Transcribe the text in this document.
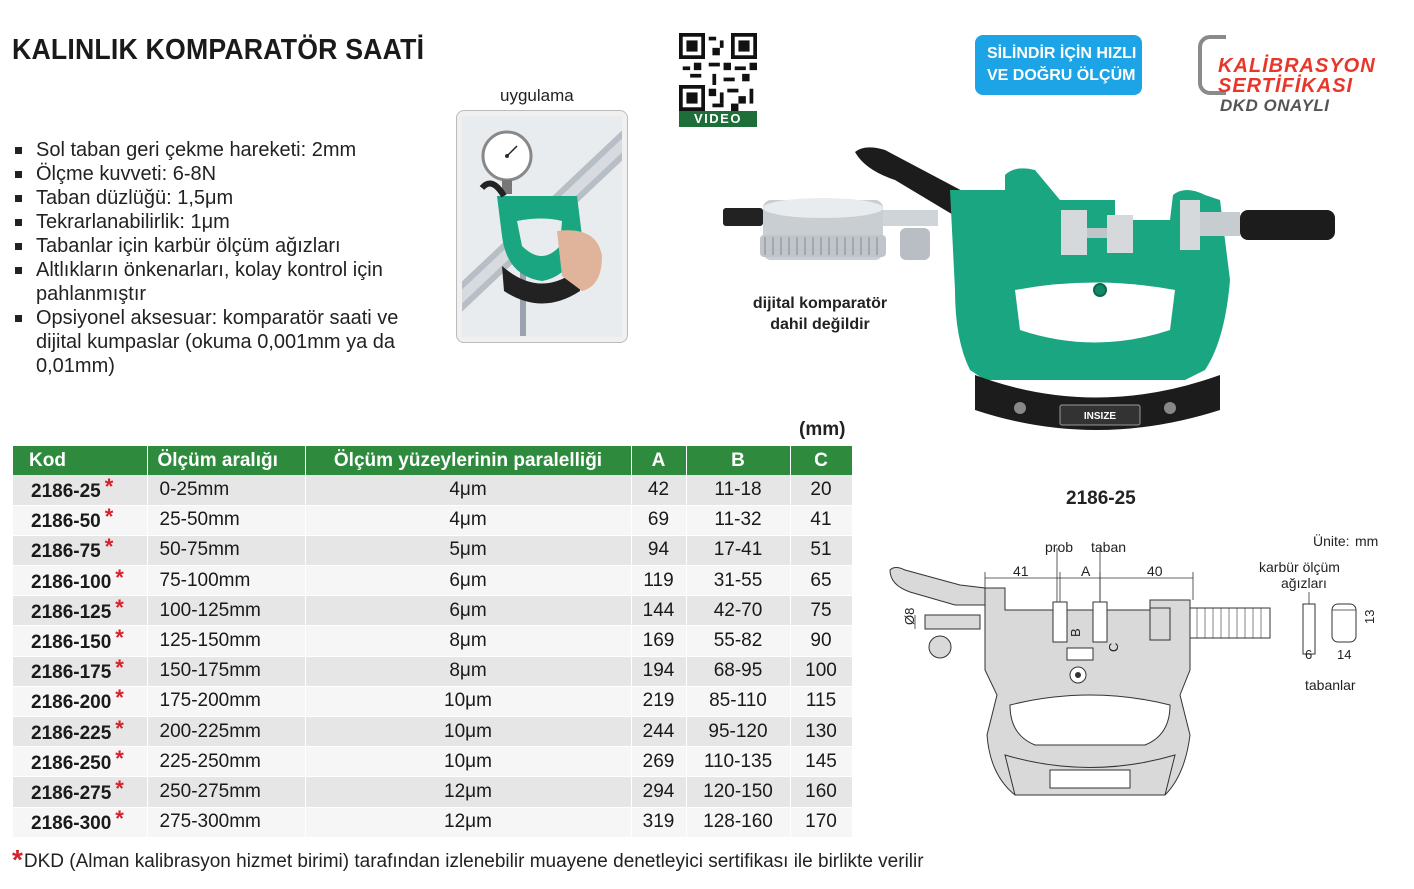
KALINLIK KOMPARATÖR SAATİ
Sol taban geri çekme hareketi: 2mm
Ölçme kuvveti: 6-8N
Taban düzlüğü: 1,5μm
Tekrarlanabilirlik: 1μm
Tabanlar için karbür ölçüm ağızları
Altlıkların önkenarları, kolay kontrol için pahlanmıştır
Opsiyonel aksesuar: komparatör saati ve dijital kumpaslar (okuma 0,001mm ya da 0,01mm)
uygulama
VIDEO
SİLİNDİR İÇİN HIZLI
VE DOĞRU ÖLÇÜM	KALİBRASYON
SERTİFİKASI
DKD ONAYLI
INSIZE
dijital komparatör
dahil değildir
2186-25
(mm)
Kod	Ölçüm aralığı	Ölçüm yüzeylerinin paralelliği	A	B	C
2186-25 *	0-25mm	4μm	42	11-18	20
2186-50 *	25-50mm	4μm	69	11-32	41
2186-75 *	50-75mm	5μm	94	17-41	51
2186-100 *	75-100mm	6μm	119	31-55	65
2186-125 *	100-125mm	6μm	144	42-70	75
2186-150 *	125-150mm	8μm	169	55-82	90
2186-175 *	150-175mm	8μm	194	68-95	100
2186-200 *	175-200mm	10μm	219	85-110	115
2186-225 *	200-225mm	10μm	244	95-120	130
2186-250 *	225-250mm	10μm	269	110-135	145
2186-275 *	250-275mm	12μm	294	120-150	160
2186-300 *	275-300mm	12μm	319	128-160	170
*DKD (Alman kalibrasyon hizmet birimi) tarafından izlenebilir muayene denetleyici sertifikası ile birlikte verilir
prob taban
41	A	40
B
C
Ø8
Ünite: mm
karbür ölçüm
ağızları
6 14
13
tabanlar
